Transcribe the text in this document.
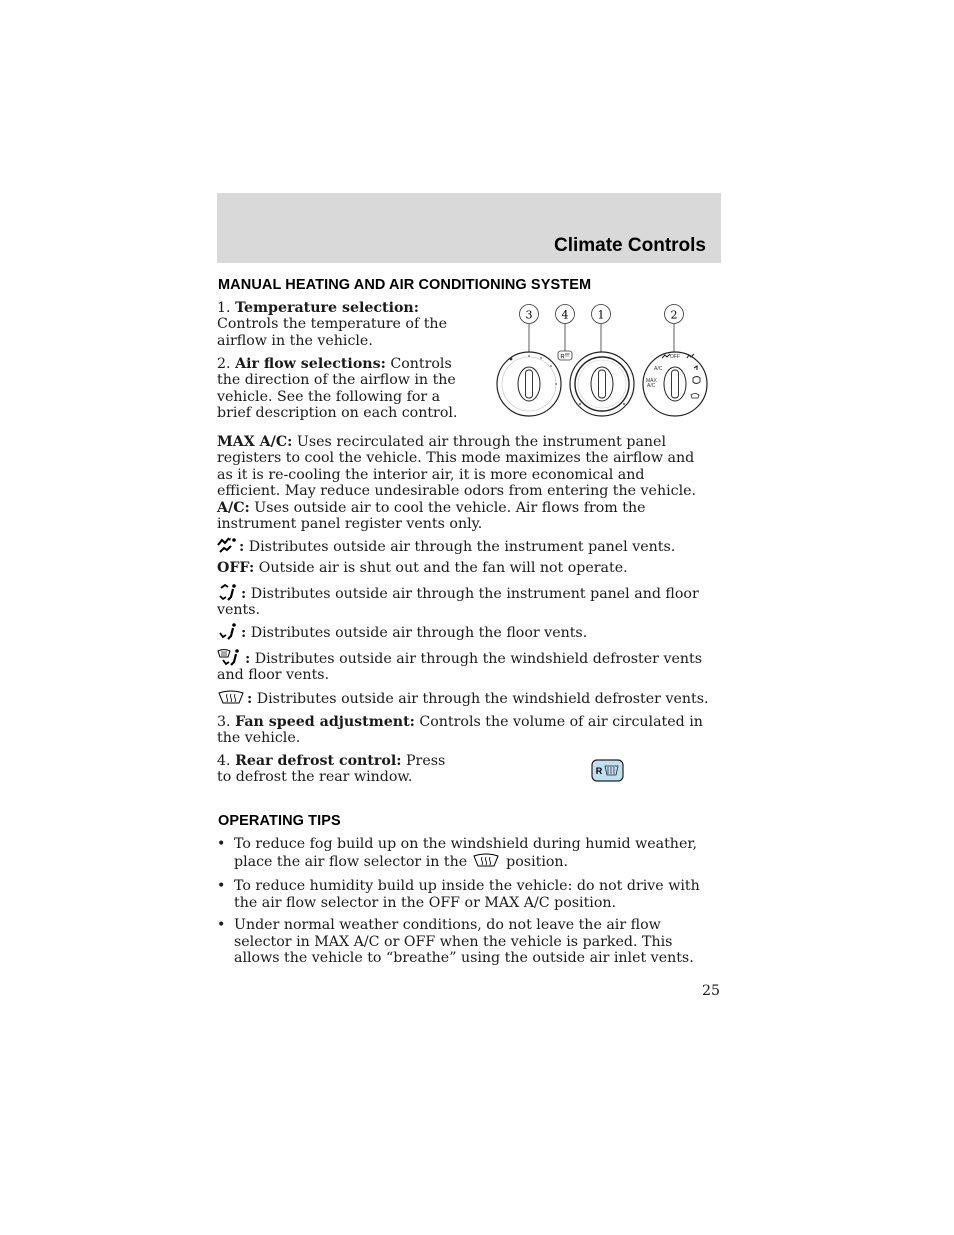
Climate Controls
MANUAL HEATING AND AIR CONDITIONING SYSTEM
1. Temperature selection: Controls the temperature of the airflow in the vehicle.
2. Air flow selections: Controls the direction of the airflow in the vehicle. See the following for a brief description on each control.
3	4	1	2
R
A/C
OFF
MAX
A/C
MAX A/C: Uses recirculated air through the instrument panel registers to cool the vehicle. This mode maximizes the airflow and as it is re-cooling the interior air, it is more economical and efficient. May reduce undesirable odors from entering the vehicle.
A/C: Uses outside air to cool the vehicle. Air flows from the instrument panel register vents only.
: Distributes outside air through the instrument panel vents.
OFF: Outside air is shut out and the fan will not operate.
: Distributes outside air through the instrument panel and floor vents.
: Distributes outside air through the floor vents.
: Distributes outside air through the windshield defroster vents and floor vents.
: Distributes outside air through the windshield defroster vents.
3. Fan speed adjustment: Controls the volume of air circulated in the vehicle.
4. Rear defrost control: Press to defrost the rear window.	R
OPERATING TIPS
• To reduce fog build up on the windshield during humid weather, place the air flow selector in the	position.
• To reduce humidity build up inside the vehicle: do not drive with the air flow selector in the OFF or MAX A/C position.
• Under normal weather conditions, do not leave the air flow selector in MAX A/C or OFF when the vehicle is parked. This allows the vehicle to “breathe” using the outside air inlet vents.
25
